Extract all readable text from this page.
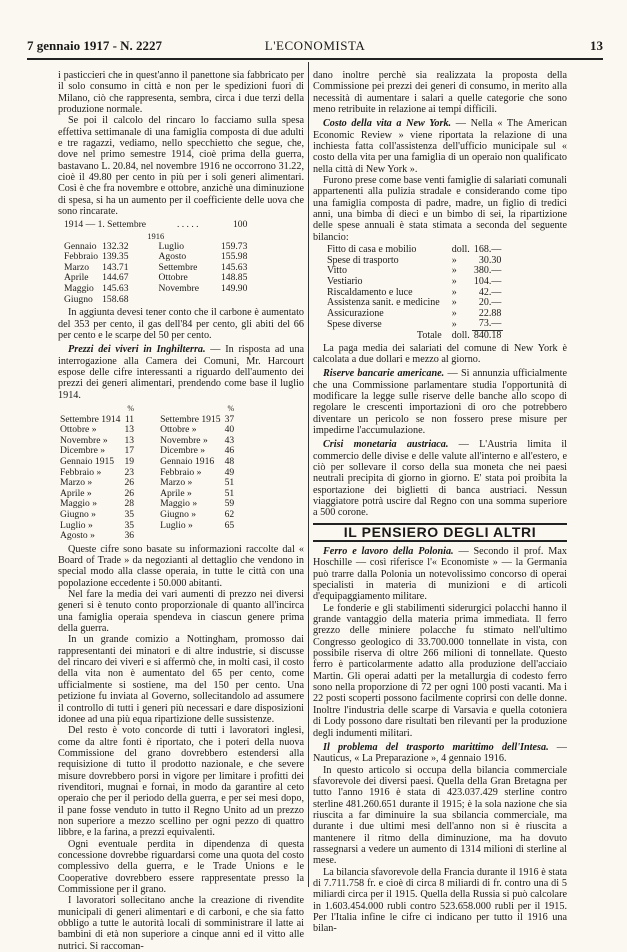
7 gennaio 1917 - N. 2227	L'ECONOMISTA	13

i pasticcieri che in quest'anno il panettone sia fabbricato per il solo consumo in città e non per le spedizioni fuori di Milano, ciò che rappresenta, sembra, circa i due terzi della produzione normale.

Se poi il calcolo del rincaro lo facciamo sulla spesa effettiva settimanale di una famiglia composta di due adulti e tre ragazzi, vediamo, nello specchietto che segue, che, dove nel primo semestre 1914, cioè prima della guerra, bastavano L. 20.84, nel novembre 1916 ne occorrono 31.22, cioè il 49.80 per cento in più per i soli generi alimentari. Così è che fra novembre e ottobre, anzichè una diminuzione di spesa, si ha un aumento per il coefficiente delle uova che sono rincarate.

1914 — 1. Settembre			. . . . .		100
1916					
Gennaio	132.32		Luglio		159.73
Febbraio	139.35		Agosto		155.98
Marzo	143.71		Settembre		145.63
Aprile	144.67		Ottobre		148.85
Maggio	145.63		Novembre		149.90
Giugno	158.68				

In aggiunta devesi tener conto che il carbone è aumentato del 353 per cento, il gas dell'84 per cento, gli abiti del 66 per cento e le scarpe del 50 per cento.

Prezzi dei viveri in Inghilterra. — In risposta ad una interrogazione alla Camera dei Comuni, Mr. Harcourt espose delle cifre interessanti a riguardo dell'aumento dei prezzi dei generi alimentari, prendendo come base il luglio 1914.

	%			%
Settembre 1914	11		Settembre 1915	37
Ottobre »	13		Ottobre »	40
Novembre »	13		Novembre »	43
Dicembre »	17		Dicembre »	46
Gennaio 1915	19		Gennaio 1916	48
Febbraio »	23		Febbraio »	49
Marzo »	26		Marzo »	51
Aprile »	26		Aprile »	51
Maggio »	28		Maggio »	59
Giugno »	35		Giugno »	62
Luglio »	35		Luglio »	65
Agosto »	36			

Queste cifre sono basate su informazioni raccolte dal « Board of Trade » da negozianti al dettaglio che vendono in special modo alla classe operaia, in tutte le città con una popolazione eccedente i 50.000 abitanti.

Nel fare la media dei vari aumenti di prezzo nei diversi generi si è tenuto conto proporzionale di quanto all'incirca una famiglia operaia spendeva in ciascun genere prima della guerra.

In un grande comizio a Nottingham, promosso dai rappresentanti dei minatori e di altre industrie, si discusse del rincaro dei viveri e si affermò che, in molti casi, il costo della vita non è aumentato del 65 per cento, come ufficialmente si sostiene, ma del 150 per cento. Una petizione fu inviata al Governo, sollecitandolo ad assumere il controllo di tutti i generi più necessari e dare disposizioni idonee ad una più equa ripartizione delle sussistenze.

Del resto è voto concorde di tutti i lavoratori inglesi, come da altre fonti è riportato, che i poteri della nuova Commissione del grano dovrebbero estendersi alla requisizione di tutto il prodotto nazionale, e che severe misure dovrebbero porsi in vigore per limitare i profitti dei rivenditori, mugnai e fornai, in modo da garantire al ceto operaio che per il periodo della guerra, e per sei mesi dopo, il pane fosse venduto in tutto il Regno Unito ad un prezzo non superiore a mezzo scellino per ogni pezzo di quattro libbre, e la farina, a prezzi equivalenti.

Ogni eventuale perdita in dipendenza di questa concessione dovrebbe riguardarsi come una quota del costo complessivo della guerra, e le Trade Unions e le Cooperative dovrebbero essere rappresentate presso la Commissione per il grano.

I lavoratori sollecitano anche la creazione di rivendite municipali di generi alimentari e di carboni, e che sia fatto obbligo a tutte le autorità locali di somministrare il latte ai bambini di età non superiore a cinque anni ed il vitto alle nutrici. Si raccoman-

dano inoltre perchè sia realizzata la proposta della Commissione pei prezzi dei generi di consumo, in merito alla necessità di aumentare i salari a quelle categorie che sono meno retribuite in relazione ai tempi difficili.

Costo della vita a New York. — Nella « The American Economic Review » viene riportata la relazione di una inchiesta fatta coll'assistenza dell'ufficio municipale sul « costo della vita per una famiglia di un operaio non qualificato nella città di New York ».

Furono prese come base venti famiglie di salariati comunali appartenenti alla pulizia stradale e considerando come tipo una famiglia composta di padre, madre, un figlio di tredici anni, una bimba di dieci e un bimbo di sei, la ripartizione delle spese annuali è stata stimata a seconda del seguente bilancio:

Fitto di casa e mobilio	doll.	168.—
Spese di trasporto	»	30.30
Vitto	»	380.—
Vestiario	»	104.—
Riscaldamento e luce	»	42.—
Assistenza sanit. e medicine	»	20.—
Assicurazione	»	22.88
Spese diverse	»	73.—
Totale	doll.	840.18

La paga media dei salariati del comune di New York è calcolata a due dollari e mezzo al giorno.

Riserve bancarie americane. — Si annunzia ufficialmente che una Commissione parlamentare studia l'opportunità di modificare la legge sulle riserve delle banche allo scopo di regolare le crescenti importazioni di oro che potrebbero diventare un pericolo se non fossero prese misure per impedirne l'accumulazione.

Crisi monetaria austriaca. — L'Austria limita il commercio delle divise e delle valute all'interno e all'estero, e ciò per sollevare il corso della sua moneta che nei paesi neutrali precipita di giorno in giorno. E' stata poi proibita la esportazione dei biglietti di banca austriaci. Nessun viaggiatore potrà uscire dal Regno con una somma superiore a 500 corone.

IL PENSIERO DEGLI ALTRI

Ferro e lavoro della Polonia. — Secondo il prof. Max Hoschille — così riferisce l'« Economiste » — la Germania può trarre dalla Polonia un notevolissimo concorso di operai specialisti in materia di munizioni e di articoli d'equipaggiamento militare.

Le fonderie e gli stabilimenti siderurgici polacchi hanno il grande vantaggio della materia prima immediata. Il ferro grezzo delle miniere polacche fu stimato nell'ultimo Congresso geologico di 33.700.000 tonnellate in vista, con possibile riserva di oltre 266 milioni di tonnellate. Questo ferro è particolarmente adatto alla produzione dell'acciaio Martin. Gli operai adatti per la metallurgia di codesto ferro sono nella proporzione di 72 per ogni 100 posti vacanti. Ma i 22 posti scoperti possono facilmente coprirsi con delle donne. Inoltre l'industria delle scarpe di Varsavia e quella cotoniera di Lody possono dare risultati ben rilevanti per la produzione degli indumenti militari.

Il problema del trasporto marittimo dell'Intesa. — Nauticus, « La Preparazione », 4 gennaio 1916.

In questo articolo si occupa della bilancia commerciale sfavorevole dei diversi paesi. Quella della Gran Bretagna per tutto l'anno 1916 è stata di 423.037.429 sterline contro sterline 481.260.651 durante il 1915; è la sola nazione che sia riuscita a far diminuire la sua sbilancia commerciale, ma durante i due ultimi mesi dell'anno non si è riuscita a mantenere il ritmo della diminuzione, ma ha dovuto rassegnarsi a vedere un aumento di 1314 milioni di sterline al mese.

La bilancia sfavorevole della Francia durante il 1916 è stata di 7.711.758 fr. e cioè di circa 8 miliardi di fr. contro una di 5 miliardi circa per il 1915. Quella della Russia si può calcolare in 1.603.454.000 rubli contro 523.658.000 rubli per il 1915. Per l'Italia infine le cifre ci indicano per tutto il 1916 una bilan-
